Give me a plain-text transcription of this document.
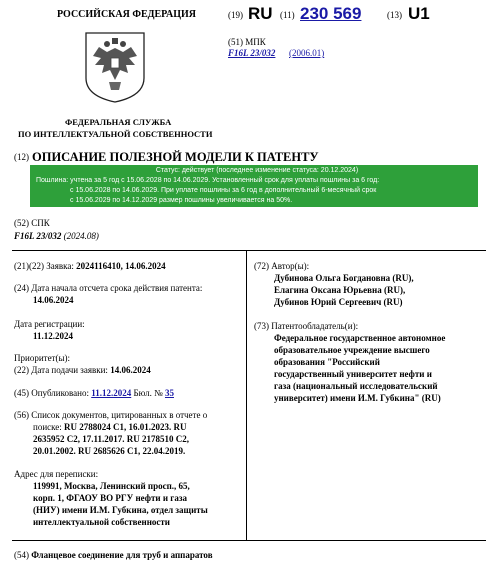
РОССИЙСКАЯ ФЕДЕРАЦИЯ
ФЕДЕРАЛЬНАЯ СЛУЖБА
ПО ИНТЕЛЛЕКТУАЛЬНОЙ СОБСТВЕННОСТИ
(19) RU (11) 230 569	(13) U1
(51) МПК
F16L 23/032 (2006.01)
(12) ОПИСАНИЕ ПОЛЕЗНОЙ МОДЕЛИ К ПАТЕНТУ
Статус: действует (последнее изменение статуса: 20.12.2024)
Пошлина: учтена за 5 год с 15.06.2028 по 14.06.2029. Установленный срок для уплаты пошлины за 6 год:
с 15.06.2028 по 14.06.2029. При уплате пошлины за 6 год в дополнительный 6-месячный срок
с 15.06.2029 по 14.12.2029 размер пошлины увеличивается на 50%.
(52) СПК
F16L 23/032 (2024.08)
(21)(22) Заявка: 2024116410, 14.06.2024
(24) Дата начала отсчета срока действия патента:
14.06.2024
Дата регистрации:
11.12.2024
Приоритет(ы):
(22) Дата подачи заявки: 14.06.2024
(45) Опубликовано: 11.12.2024 Бюл. № 35
(56) Список документов, цитированных в отчете о
поиске: RU 2788024 C1, 16.01.2023. RU
2635952 C2, 17.11.2017. RU 2178510 C2,
20.01.2002. RU 2685626 C1, 22.04.2019.
Адрес для переписки:
119991, Москва, Ленинский просп., 65,
корп. 1, ФГАОУ ВО РГУ нефти и газа
(НИУ) имени И.М. Губкина, отдел защиты
интеллектуальной собственности
(72) Автор(ы):
Дубинова Ольга Богдановна (RU),
Елагина Оксана Юрьевна (RU),
Дубинов Юрий Сергеевич (RU)
(73) Патентообладатель(и):
Федеральное государственное автономное
образовательное учреждение высшего
образования "Российский
государственный университет нефти и
газа (национальный исследовательский
университет) имени И.М. Губкина" (RU)
(54) Фланцевое соединение для труб и аппаратов
